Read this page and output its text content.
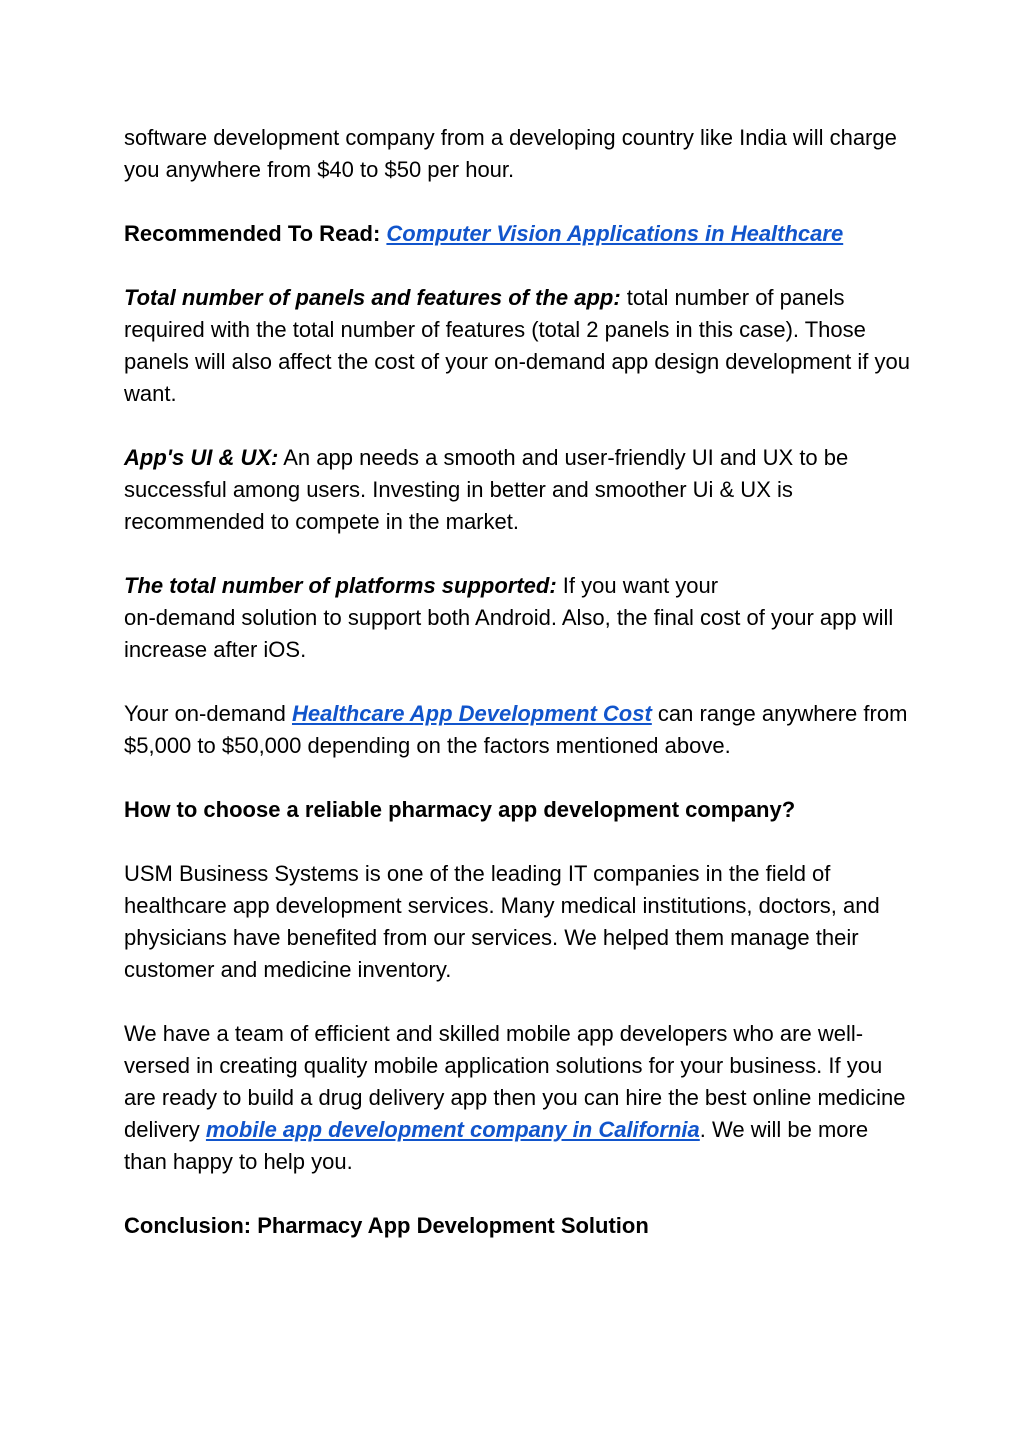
software development company from a developing country like India will charge you anywhere from $40 to $50 per hour.

Recommended To Read: Computer Vision Applications in Healthcare

Total number of panels and features of the app: total number of panels required with the total number of features (total 2 panels in this case). Those panels will also affect the cost of your on-demand app design development if you want.

App's UI & UX: An app needs a smooth and user-friendly UI and UX to be successful among users. Investing in better and smoother Ui & UX is recommended to compete in the market.

The total number of platforms supported: If you want your
on-demand solution to support both Android. Also, the final cost of your app will increase after iOS.

Your on-demand Healthcare App Development Cost can range anywhere from $5,000 to $50,000 depending on the factors mentioned above.

How to choose a reliable pharmacy app development company?

USM Business Systems is one of the leading IT companies in the field of healthcare app development services. Many medical institutions, doctors, and physicians have benefited from our services. We helped them manage their customer and medicine inventory.

We have a team of efficient and skilled mobile app developers who are well-versed in creating quality mobile application solutions for your business. If you are ready to build a drug delivery app then you can hire the best online medicine delivery mobile app development company in California. We will be more than happy to help you.

Conclusion: Pharmacy App Development Solution
